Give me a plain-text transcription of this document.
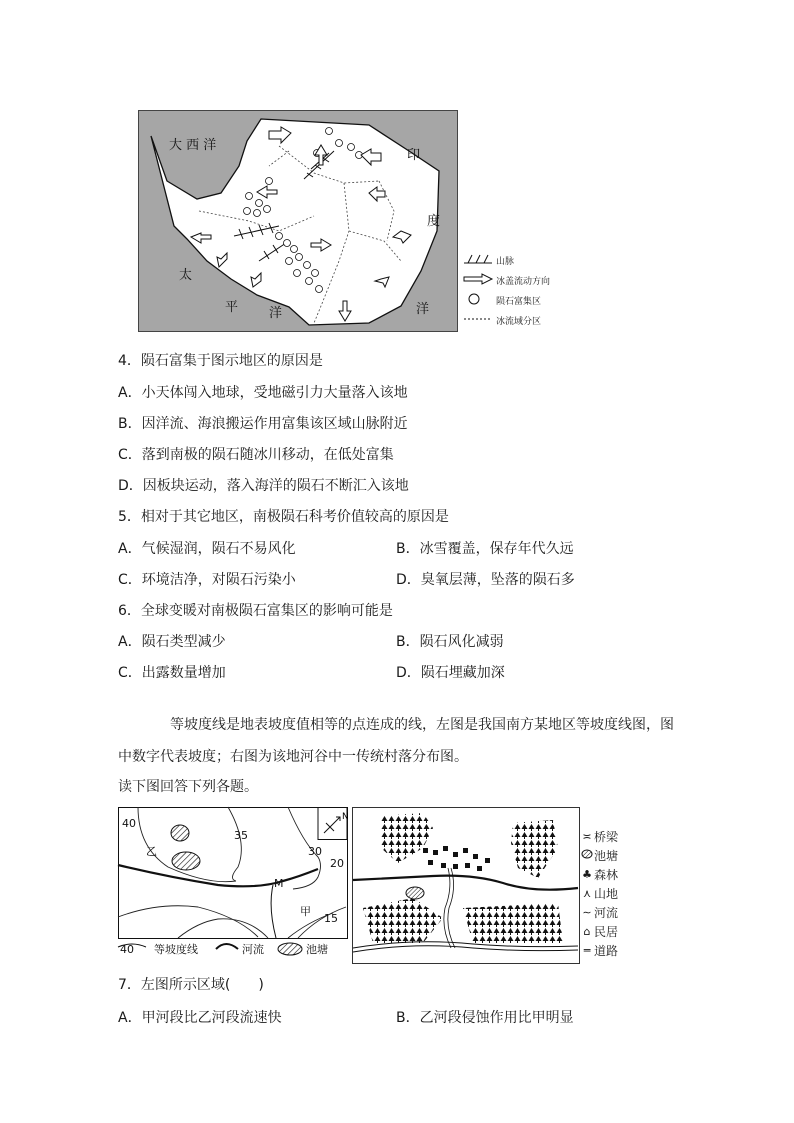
大 西 洋
印
度
洋
太
平 洋
山脉
冰盖流动方向
陨石富集区
冰流域分区
4．陨石富集于图示地区的原因是
A．小天体闯入地球，受地磁引力大量落入该地
B．因洋流、海浪搬运作用富集该区域山脉附近
C．落到南极的陨石随冰川移动，在低处富集
D．因板块运动，落入海洋的陨石不断汇入该地
5．相对于其它地区，南极陨石科考价值较高的原因是
A．气候湿润，陨石不易风化	B．冰雪覆盖，保存年代久远
C．环境洁净，对陨石污染小	D．臭氧层薄，坠落的陨石多
6．全球变暖对南极陨石富集区的影响可能是
A．陨石类型减少	B．陨石风化减弱
C．出露数量增加	D．陨石埋藏加深
等坡度线是地表坡度值相等的点连成的线，左图是我国南方某地区等坡度线图，图
中数字代表坡度；右图为该地河谷中一传统村落分布图。
读下图回答下列各题。
N
40
35
30
20
15
M
甲
乙
40 等坡度线	河流	池塘
≍ 桥梁
池塘
♣ 森林
⋏ 山地
∼ 河流
⌂ 民居
═ 道路
7．左图所示区域(　　)
A．甲河段比乙河段流速快	B．乙河段侵蚀作用比甲明显
